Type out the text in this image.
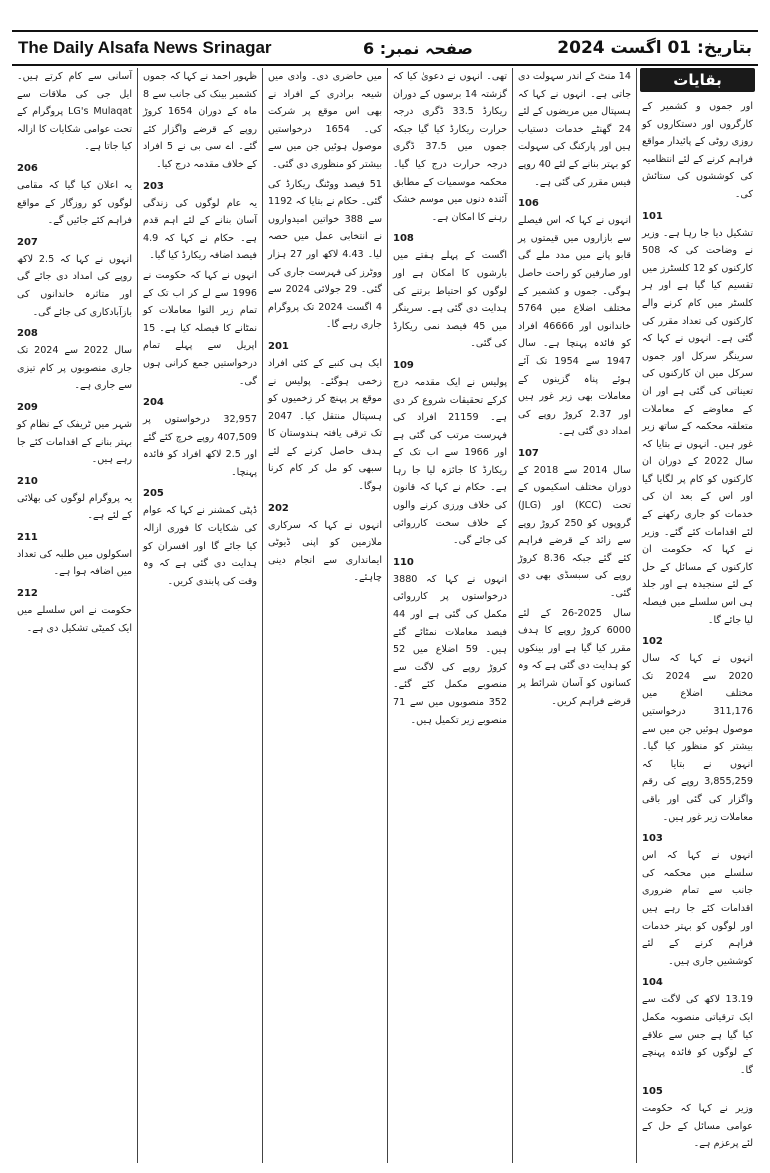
The Daily Alsafa News Srinagar	صفحہ نمبر: 6	بتاریخ: 01 اگست 2024
بقایات

اور جموں و کشمیر کے کارگروں اور دستکاروں کو روزی روٹی کے پائیدار مواقع فراہم کرنے کے لئے انتظامیہ کی کوششوں کی ستائش کی۔

101

تشکیل دیا جا رہا ہے۔ وزیر نے وضاحت کی کہ 508 کارکنوں کو 12 کلسٹرز میں تقسیم کیا گیا ہے اور ہر کلسٹر میں کام کرنے والے کارکنوں کی تعداد مقرر کی گئی ہے۔ انہوں نے کہا کہ سرینگر سرکل اور جموں سرکل میں ان کارکنوں کی تعیناتی کی گئی ہے اور ان کے معاوضے کے معاملات متعلقہ محکمہ کے ساتھ زیر غور ہیں۔ انہوں نے بتایا کہ سال 2022 کے دوران ان کارکنوں کو کام پر لگایا گیا اور اس کے بعد ان کی خدمات کو جاری رکھنے کے لئے اقدامات کئے گئے۔ وزیر نے کہا کہ حکومت ان کارکنوں کے مسائل کے حل کے لئے سنجیدہ ہے اور جلد ہی اس سلسلے میں فیصلہ لیا جائے گا۔

102

انہوں نے کہا کہ سال 2020 سے 2024 تک مختلف اضلاع میں 311,176 درخواستیں موصول ہوئیں جن میں سے بیشتر کو منظور کیا گیا۔ انہوں نے بتایا کہ 3,855,259 روپے کی رقم واگزار کی گئی اور باقی معاملات زیر غور ہیں۔

103

انہوں نے کہا کہ اس سلسلے میں محکمہ کی جانب سے تمام ضروری اقدامات کئے جا رہے ہیں اور لوگوں کو بہتر خدمات فراہم کرنے کے لئے کوششیں جاری ہیں۔

104

13.19 لاکھ کی لاگت سے ایک ترقیاتی منصوبہ مکمل کیا گیا ہے جس سے علاقے کے لوگوں کو فائدہ پہنچے گا۔

105

وزیر نے کہا کہ حکومت عوامی مسائل کے حل کے لئے پرعزم ہے۔

14 منٹ کے اندر سہولت دی جاتی ہے۔ انہوں نے کہا کہ ہسپتال میں مریضوں کے لئے 24 گھنٹے خدمات دستیاب ہیں اور پارکنگ کی سہولت کو بہتر بنانے کے لئے 40 روپے فیس مقرر کی گئی ہے۔

106

انہوں نے کہا کہ اس فیصلے سے بازاروں میں قیمتوں پر قابو پانے میں مدد ملے گی اور صارفین کو راحت حاصل ہوگی۔ جموں و کشمیر کے مختلف اضلاع میں 5764 خاندانوں اور 46666 افراد کو فائدہ پہنچا ہے۔ سال 1947 سے 1954 تک آئے ہوئے پناہ گزینوں کے معاملات بھی زیر غور ہیں اور 2.37 کروڑ روپے کی امداد دی گئی ہے۔

107

سال 2014 سے 2018 کے دوران مختلف اسکیموں کے تحت (KCC) اور (JLG) گروپوں کو 250 کروڑ روپے سے زائد کے قرضے فراہم کئے گئے جبکہ 8.36 کروڑ روپے کی سبسڈی بھی دی گئی۔

سال 2025-26 کے لئے 6000 کروڑ روپے کا ہدف مقرر کیا گیا ہے اور بینکوں کو ہدایت دی گئی ہے کہ وہ کسانوں کو آسان شرائط پر قرضے فراہم کریں۔

تھی۔ انہوں نے دعویٰ کیا کہ گزشتہ 14 برسوں کے دوران ریکارڈ 33.5 ڈگری درجہ حرارت ریکارڈ کیا گیا جبکہ جموں میں 37.5 ڈگری درجہ حرارت درج کیا گیا۔ محکمہ موسمیات کے مطابق آئندہ دنوں میں موسم خشک رہنے کا امکان ہے۔

108

اگست کے پہلے ہفتے میں بارشوں کا امکان ہے اور لوگوں کو احتیاط برتنے کی ہدایت دی گئی ہے۔ سرینگر میں 45 فیصد نمی ریکارڈ کی گئی۔

109

پولیس نے ایک مقدمہ درج کرکے تحقیقات شروع کر دی ہے۔ 21159 افراد کی فہرست مرتب کی گئی ہے اور 1966 سے اب تک کے ریکارڈ کا جائزہ لیا جا رہا ہے۔ حکام نے کہا کہ قانون کی خلاف ورزی کرنے والوں کے خلاف سخت کارروائی کی جائے گی۔

110

انہوں نے کہا کہ 3880 درخواستوں پر کارروائی مکمل کی گئی ہے اور 44 فیصد معاملات نمٹائے گئے ہیں۔ 59 اضلاع میں 52 کروڑ روپے کی لاگت سے منصوبے مکمل کئے گئے۔ 352 منصوبوں میں سے 71 منصوبے زیر تکمیل ہیں۔

میں حاضری دی۔ وادی میں شیعہ برادری کے افراد نے بھی اس موقع پر شرکت کی۔ 1654 درخواستیں موصول ہوئیں جن میں سے بیشتر کو منظوری دی گئی۔

51 فیصد ووٹنگ ریکارڈ کی گئی۔ حکام نے بتایا کہ 1192 سے 388 خواتین امیدواروں نے انتخابی عمل میں حصہ لیا۔ 4.43 لاکھ اور 27 ہزار ووٹرز کی فہرست جاری کی گئی۔ 29 جولائی 2024 سے 4 اگست 2024 تک پروگرام جاری رہے گا۔

201

ایک ہی کنبے کے کئی افراد زخمی ہوگئے۔ پولیس نے موقع پر پہنچ کر زخمیوں کو ہسپتال منتقل کیا۔ 2047 تک ترقی یافتہ ہندوستان کا ہدف حاصل کرنے کے لئے سبھی کو مل کر کام کرنا ہوگا۔

202

انہوں نے کہا کہ سرکاری ملازمین کو اپنی ڈیوٹی ایمانداری سے انجام دینی چاہئے۔

ظہور احمد نے کہا کہ جموں کشمیر بینک کی جانب سے 8 ماہ کے دوران 1654 کروڑ روپے کے قرضے واگزار کئے گئے۔ اے سی بی نے 5 افراد کے خلاف مقدمہ درج کیا۔

203

یہ عام لوگوں کی زندگی آسان بنانے کے لئے اہم قدم ہے۔ حکام نے کہا کہ 4.9 فیصد اضافہ ریکارڈ کیا گیا۔

انہوں نے کہا کہ حکومت نے 1996 سے لے کر اب تک کے تمام زیر التوا معاملات کو نمٹانے کا فیصلہ کیا ہے۔ 15 اپریل سے پہلے تمام درخواستیں جمع کرانی ہوں گی۔

204

32,957 درخواستوں پر 407,509 روپے خرچ کئے گئے اور 2.5 لاکھ افراد کو فائدہ پہنچا۔

205

ڈپٹی کمشنر نے کہا کہ عوام کی شکایات کا فوری ازالہ کیا جائے گا اور افسران کو ہدایت دی گئی ہے کہ وہ وقت کی پابندی کریں۔

آسانی سے کام کرتے ہیں۔ ایل جی کی ملاقات سے LG's Mulaqat پروگرام کے تحت عوامی شکایات کا ازالہ کیا جاتا ہے۔

206

یہ اعلان کیا گیا کہ مقامی لوگوں کو روزگار کے مواقع فراہم کئے جائیں گے۔

207

انہوں نے کہا کہ 2.5 لاکھ روپے کی امداد دی جائے گی اور متاثرہ خاندانوں کی بازآبادکاری کی جائے گی۔

208

سال 2022 سے 2024 تک جاری منصوبوں پر کام تیزی سے جاری ہے۔

209

شہر میں ٹریفک کے نظام کو بہتر بنانے کے اقدامات کئے جا رہے ہیں۔

210

یہ پروگرام لوگوں کی بھلائی کے لئے ہے۔

211

اسکولوں میں طلبہ کی تعداد میں اضافہ ہوا ہے۔

212

حکومت نے اس سلسلے میں ایک کمیٹی تشکیل دی ہے۔
